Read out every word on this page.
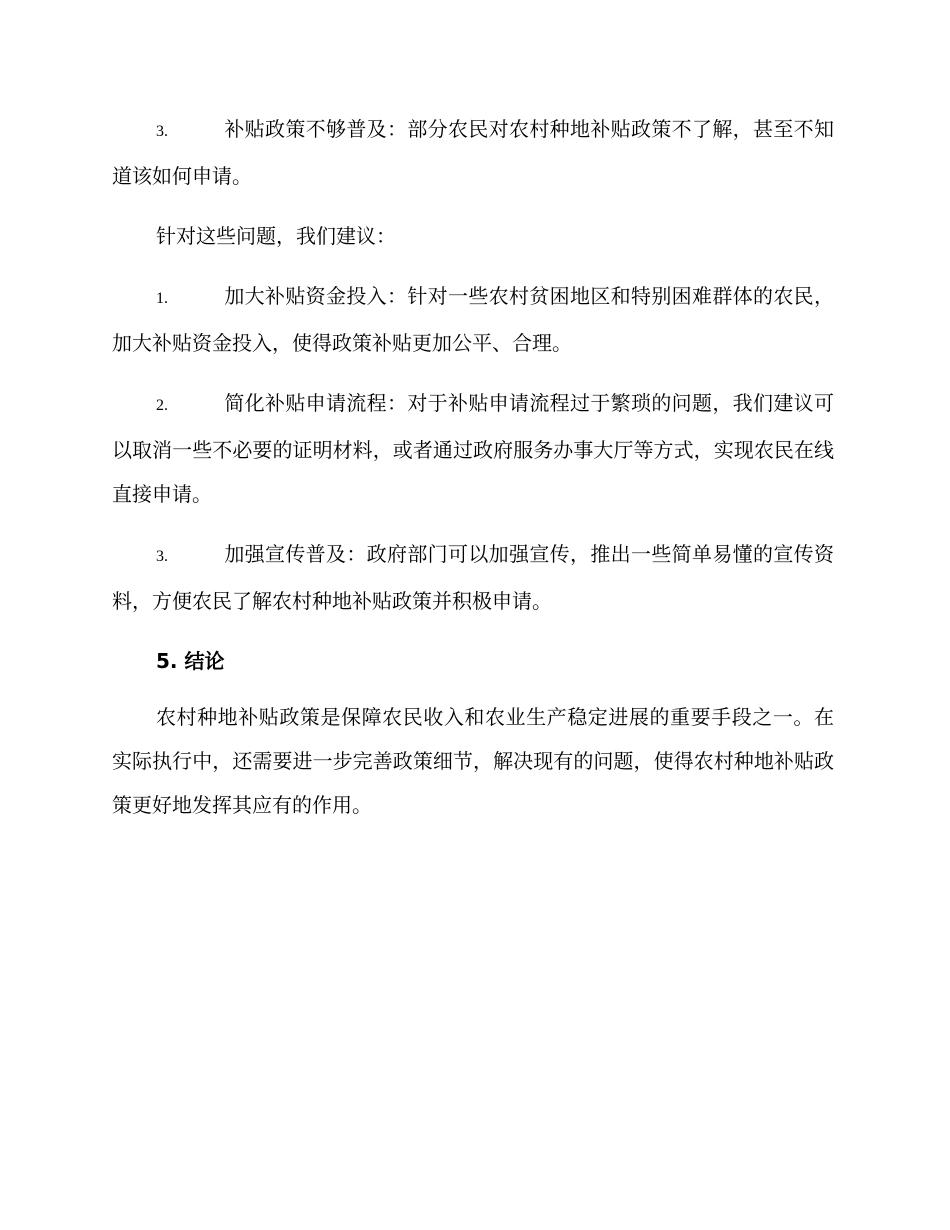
3.	补贴政策不够普及：部分农民对农村种地补贴政策不了解，甚至不知道该如何申请。

针对这些问题，我们建议：

1.	加大补贴资金投入：针对一些农村贫困地区和特别困难群体的农民，加大补贴资金投入，使得政策补贴更加公平、合理。

2.	简化补贴申请流程：对于补贴申请流程过于繁琐的问题，我们建议可以取消一些不必要的证明材料，或者通过政府服务办事大厅等方式，实现农民在线直接申请。

3.	加强宣传普及：政府部门可以加强宣传，推出一些简单易懂的宣传资料，方便农民了解农村种地补贴政策并积极申请。

5. 结论

农村种地补贴政策是保障农民收入和农业生产稳定进展的重要手段之一。在实际执行中，还需要进一步完善政策细节，解决现有的问题，使得农村种地补贴政策更好地发挥其应有的作用。
